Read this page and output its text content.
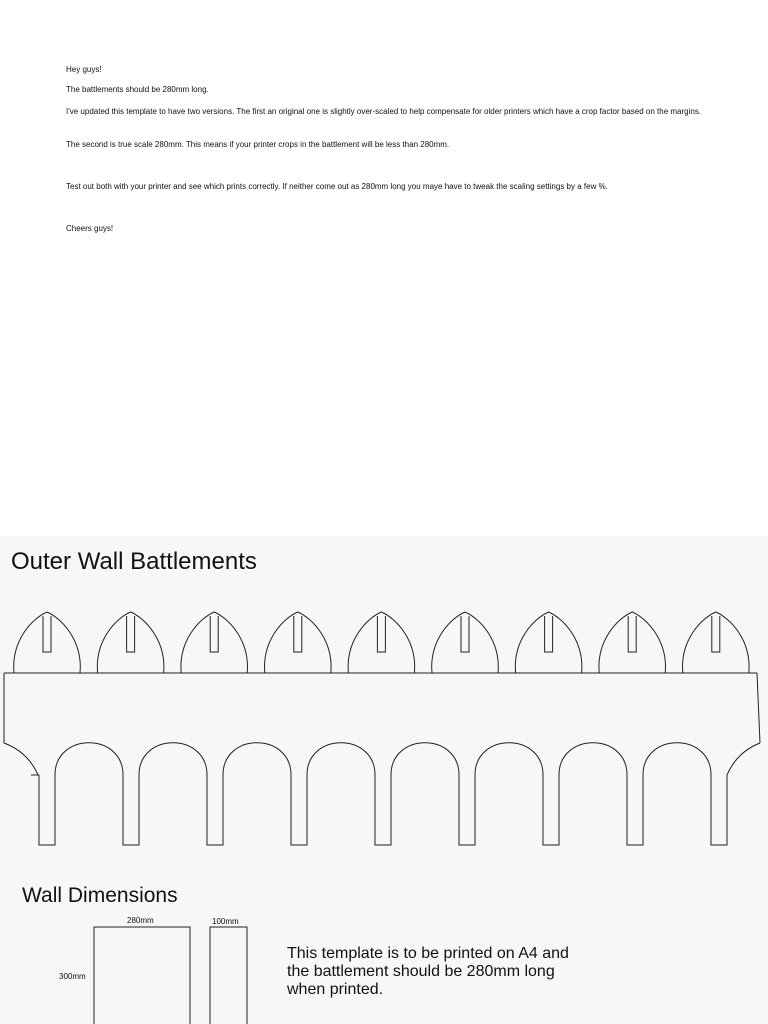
Hey guys!

The battlements should be 280mm long.

I've updated this template to have two versions. The first an original one is slightly over-scaled to help compensate for older printers which have a crop factor based on the margins.

The second is true scale 280mm. This means if your printer crops in the battlement will be less than 280mm.

Test out both with your printer and see which prints correctly. If neither come out as 280mm long you maye have to tweak the scaling settings by a few %.

Cheers guys!

Outer Wall Battlements
Wall Dimensions
280mm	100mm
300mm

This template is to be printed on A4 and the battlement should be 280mm long when printed.
